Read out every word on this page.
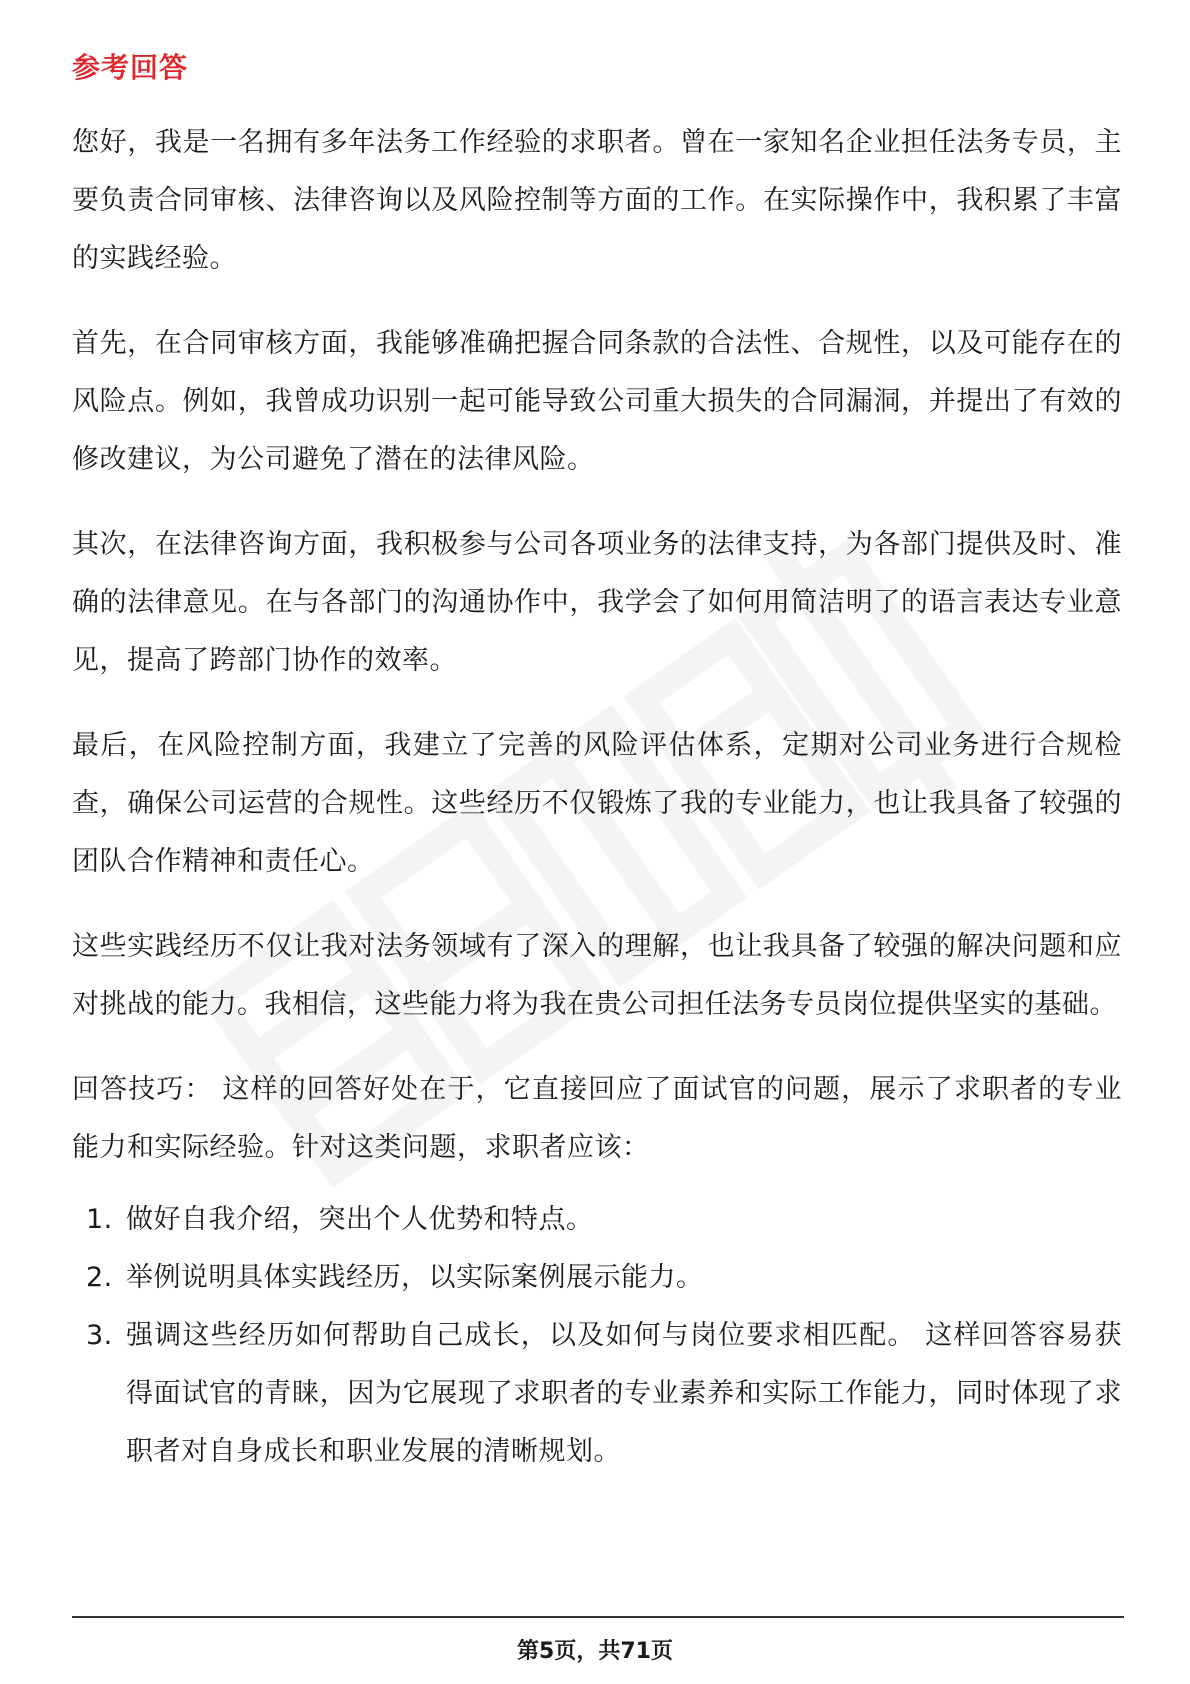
参考回答

您好，我是一名拥有多年法务工作经验的求职者。曾在一家知名企业担任法务专员，主要负责合同审核、法律咨询以及风险控制等方面的工作。在实际操作中，我积累了丰富的实践经验。

首先，在合同审核方面，我能够准确把握合同条款的合法性、合规性，以及可能存在的风险点。例如，我曾成功识别一起可能导致公司重大损失的合同漏洞，并提出了有效的修改建议，为公司避免了潜在的法律风险。

其次，在法律咨询方面，我积极参与公司各项业务的法律支持，为各部门提供及时、准确的法律意见。在与各部门的沟通协作中，我学会了如何用简洁明了的语言表达专业意见，提高了跨部门协作的效率。

最后，在风险控制方面，我建立了完善的风险评估体系，定期对公司业务进行合规检查，确保公司运营的合规性。这些经历不仅锻炼了我的专业能力，也让我具备了较强的团队合作精神和责任心。

这些实践经历不仅让我对法务领域有了深入的理解，也让我具备了较强的解决问题和应对挑战的能力。我相信，这些能力将为我在贵公司担任法务专员岗位提供坚实的基础。

回答技巧： 这样的回答好处在于，它直接回应了面试官的问题，展示了求职者的专业能力和实际经验。针对这类问题，求职者应该：

1. 做好自我介绍，突出个人优势和特点。
2. 举例说明具体实践经历，以实际案例展示能力。
3. 强调这些经历如何帮助自己成长，以及如何与岗位要求相匹配。 这样回答容易获得面试官的青睐，因为它展现了求职者的专业素养和实际工作能力，同时体现了求职者对自身成长和职业发展的清晰规划。
第5页，共71页
